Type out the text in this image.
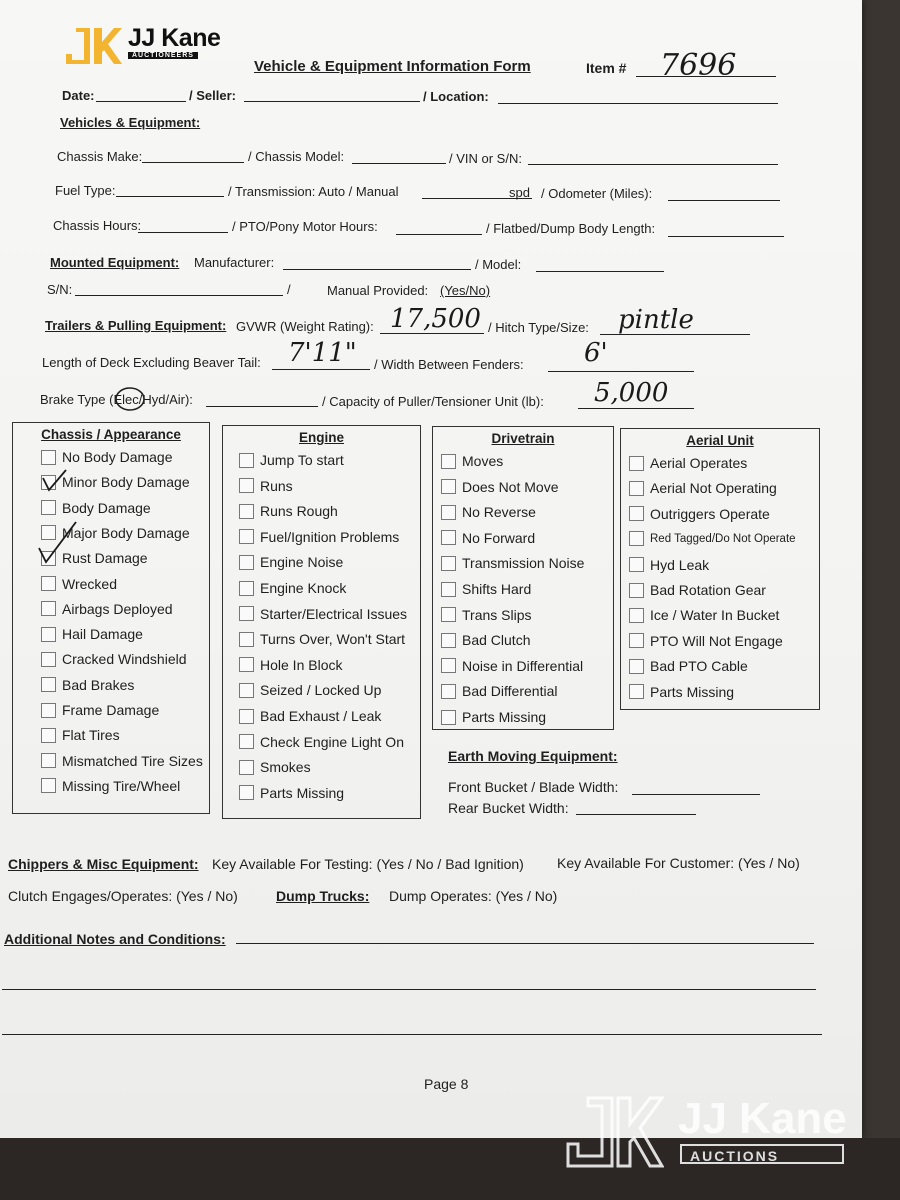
JJ Kane
AUCTIONEERS
Vehicle & Equipment Information Form	Item # 7696
Date:	/ Seller:	/ Location:
Vehicles & Equipment:
Chassis Make:	/ Chassis Model:	/ VIN or S/N:
Fuel Type:	/ Transmission: Auto / Manual	spd / Odometer (Miles):
Chassis Hours:	/ PTO/Pony Motor Hours:	/ Flatbed/Dump Body Length:
Mounted Equipment: Manufacturer:	/ Model:
S/N:	/	Manual Provided: (Yes/No)
Trailers & Pulling Equipment: GVWR (Weight Rating): 17,500 / Hitch Type/Size: pintle
Length of Deck Excluding Beaver Tail: 7'11" / Width Between Fenders: 6'
Brake Type (Elec/Hyd/Air):	/ Capacity of Puller/Tensioner Unit (lb): 5,000
Chassis / Appearance
No Body Damage
Minor Body Damage
Body Damage
Major Body Damage
Rust Damage
Wrecked
Airbags Deployed
Hail Damage
Cracked Windshield
Bad Brakes
Frame Damage
Flat Tires
Mismatched Tire Sizes
Missing Tire/Wheel
Engine
Jump To start
Runs
Runs Rough
Fuel/Ignition Problems
Engine Noise
Engine Knock
Starter/Electrical Issues
Turns Over, Won't Start
Hole In Block
Seized / Locked Up
Bad Exhaust / Leak
Check Engine Light On
Smokes
Parts Missing
Drivetrain
Moves
Does Not Move
No Reverse
No Forward
Transmission Noise
Shifts Hard
Trans Slips
Bad Clutch
Noise in Differential
Bad Differential
Parts Missing
Aerial Unit
Aerial Operates
Aerial Not Operating
Outriggers Operate
Red Tagged/Do Not Operate
Hyd Leak
Bad Rotation Gear
Ice / Water In Bucket
PTO Will Not Engage
Bad PTO Cable
Parts Missing
Earth Moving Equipment:
Front Bucket / Blade Width:
Rear Bucket Width:
Chippers & Misc Equipment: Key Available For Testing: (Yes / No / Bad Ignition) Key Available For Customer: (Yes / No)
Clutch Engages/Operates: (Yes / No)	Dump Trucks: Dump Operates: (Yes / No)
Additional Notes and Conditions:
Page 8
JJ Kane
AUCTIONS
